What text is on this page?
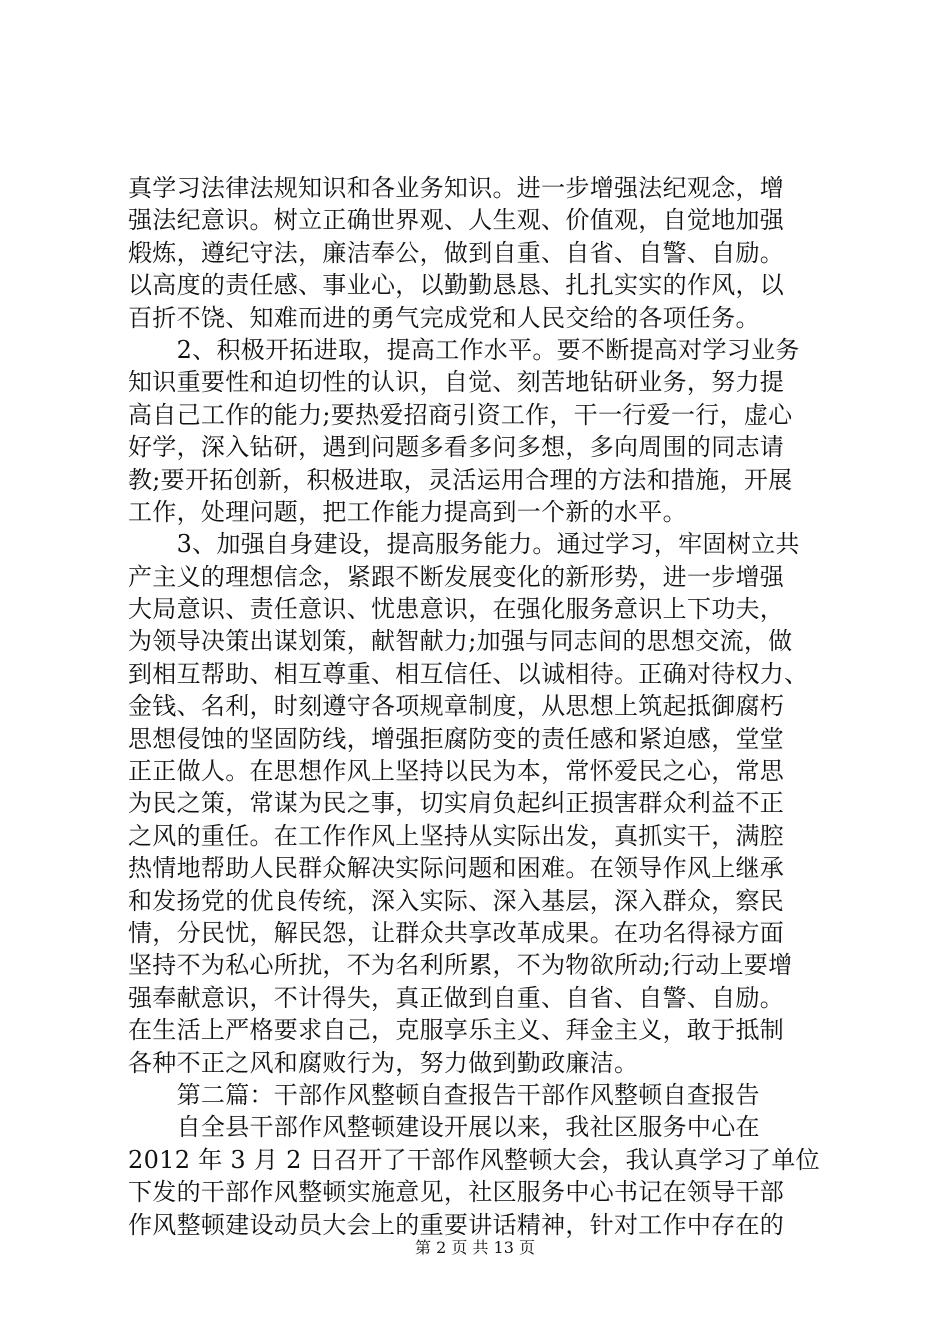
真学习法律法规知识和各业务知识。进一步增强法纪观念，增
强法纪意识。树立正确世界观、人生观、价值观，自觉地加强
煅炼，遵纪守法，廉洁奉公，做到自重、自省、自警、自励。
以高度的责任感、事业心，以勤勤恳恳、扎扎实实的作风，以
百折不饶、知难而进的勇气完成党和人民交给的各项任务。
　　2、积极开拓进取，提高工作水平。要不断提高对学习业务
知识重要性和迫切性的认识，自觉、刻苦地钻研业务，努力提
高自己工作的能力;要热爱招商引资工作，干一行爱一行，虚心
好学，深入钻研，遇到问题多看多问多想，多向周围的同志请
教;要开拓创新，积极进取，灵活运用合理的方法和措施，开展
工作，处理问题，把工作能力提高到一个新的水平。
　　3、加强自身建设，提高服务能力。通过学习，牢固树立共
产主义的理想信念，紧跟不断发展变化的新形势，进一步增强
大局意识、责任意识、忧患意识，在强化服务意识上下功夫，
为领导决策出谋划策，献智献力;加强与同志间的思想交流，做
到相互帮助、相互尊重、相互信任、以诚相待。正确对待权力、
金钱、名利，时刻遵守各项规章制度，从思想上筑起抵御腐朽
思想侵蚀的坚固防线，增强拒腐防变的责任感和紧迫感，堂堂
正正做人。在思想作风上坚持以民为本，常怀爱民之心，常思
为民之策，常谋为民之事，切实肩负起纠正损害群众利益不正
之风的重任。在工作作风上坚持从实际出发，真抓实干，满腔
热情地帮助人民群众解决实际问题和困难。在领导作风上继承
和发扬党的优良传统，深入实际、深入基层，深入群众，察民
情，分民忧，解民怨，让群众共享改革成果。在功名得禄方面
坚持不为私心所扰，不为名利所累，不为物欲所动;行动上要增
强奉献意识，不计得失，真正做到自重、自省、自警、自励。
在生活上严格要求自己，克服享乐主义、拜金主义，敢于抵制
各种不正之风和腐败行为，努力做到勤政廉洁。
　　第二篇：干部作风整顿自查报告干部作风整顿自查报告
　　自全县干部作风整顿建设开展以来，我社区服务中心在
2012 年 3 月 2 日召开了干部作风整顿大会，我认真学习了单位
下发的干部作风整顿实施意见，社区服务中心书记在领导干部
作风整顿建设动员大会上的重要讲话精神，针对工作中存在的
第 2 页 共 13 页
